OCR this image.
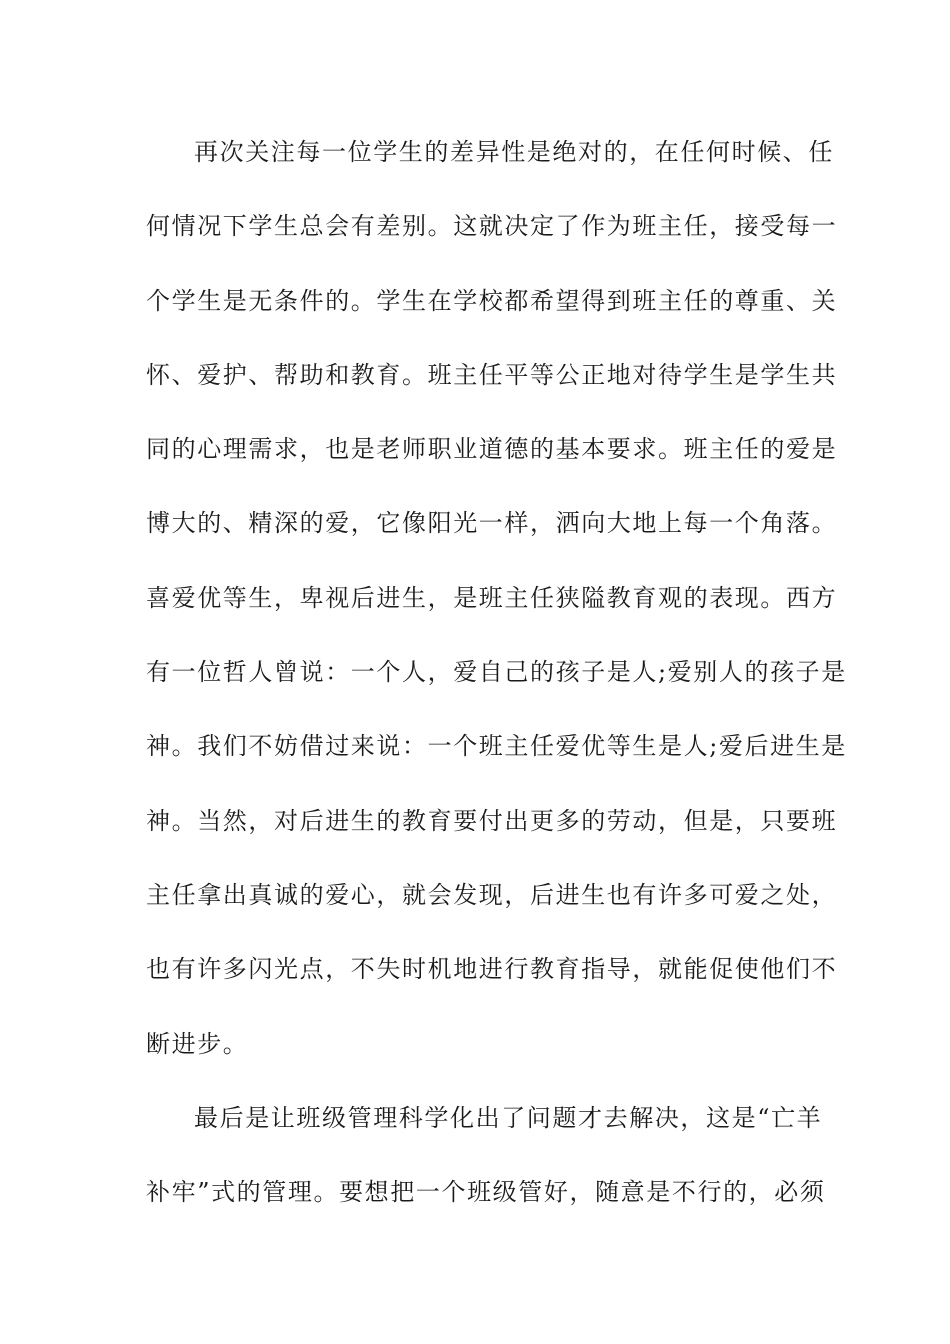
再次关注每一位学生的差异性是绝对的，在任何时候、任
何情况下学生总会有差别。这就决定了作为班主任，接受每一
个学生是无条件的。学生在学校都希望得到班主任的尊重、关
怀、爱护、帮助和教育。班主任平等公正地对待学生是学生共
同的心理需求，也是老师职业道德的基本要求。班主任的爱是
博大的、精深的爱，它像阳光一样，洒向大地上每一个角落。
喜爱优等生，卑视后进生，是班主任狭隘教育观的表现。西方
有一位哲人曾说：一个人，爱自己的孩子是人;爱别人的孩子是
神。我们不妨借过来说：一个班主任爱优等生是人;爱后进生是
神。当然，对后进生的教育要付出更多的劳动，但是，只要班
主任拿出真诚的爱心，就会发现，后进生也有许多可爱之处，
也有许多闪光点，不失时机地进行教育指导，就能促使他们不
断进步。
最后是让班级管理科学化出了问题才去解决，这是“亡羊
补牢”式的管理。要想把一个班级管好，随意是不行的，必须
